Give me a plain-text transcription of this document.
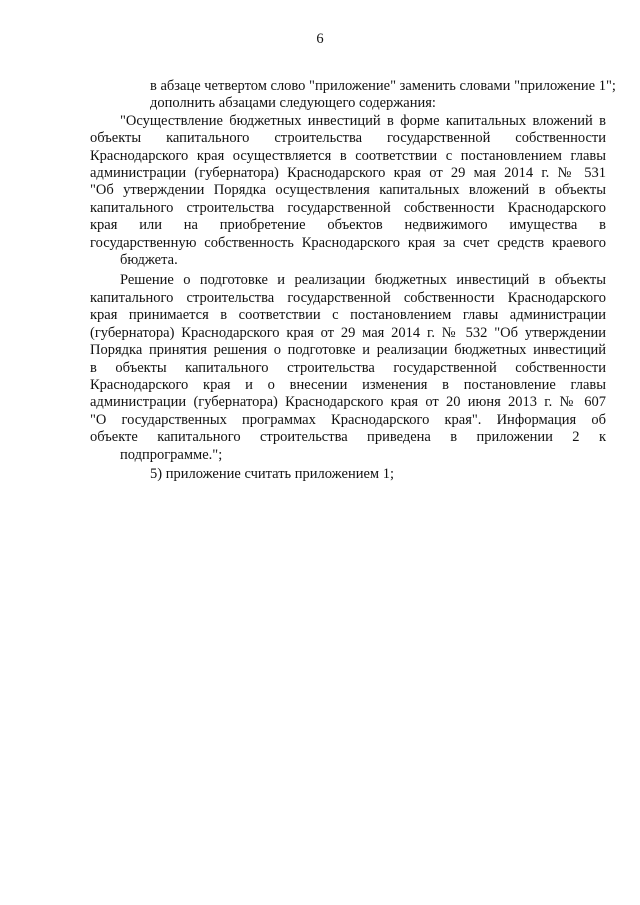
6

в абзаце четвертом слово "приложение" заменить словами "приложение 1";

дополнить абзацами следующего содержания:

"Осуществление бюджетных инвестиций в форме капитальных вложений в
объекты капитального строительства государственной собственности
Краснодарского края осуществляется в соответствии с постановлением главы
администрации (губернатора) Краснодарского края от 29 мая 2014 г. № 531
"Об утверждении Порядка осуществления капитальных вложений в объекты
капитального строительства государственной собственности Краснодарского
края или на приобретение объектов недвижимого имущества в
государственную собственность Краснодарского края за счет средств краевого
бюджета.

Решение о подготовке и реализации бюджетных инвестиций в объекты
капитального строительства государственной собственности Краснодарского
края принимается в соответствии с постановлением главы администрации
(губернатора) Краснодарского края от 29 мая 2014 г. № 532 "Об утверждении
Порядка принятия решения о подготовке и реализации бюджетных инвестиций
в объекты капитального строительства государственной собственности
Краснодарского края и о внесении изменения в постановление главы
администрации (губернатора) Краснодарского края от 20 июня 2013 г. № 607
"О государственных программах Краснодарского края". Информация об
объекте капитального строительства приведена в приложении 2 к
подпрограмме.";

5) приложение считать приложением 1;
